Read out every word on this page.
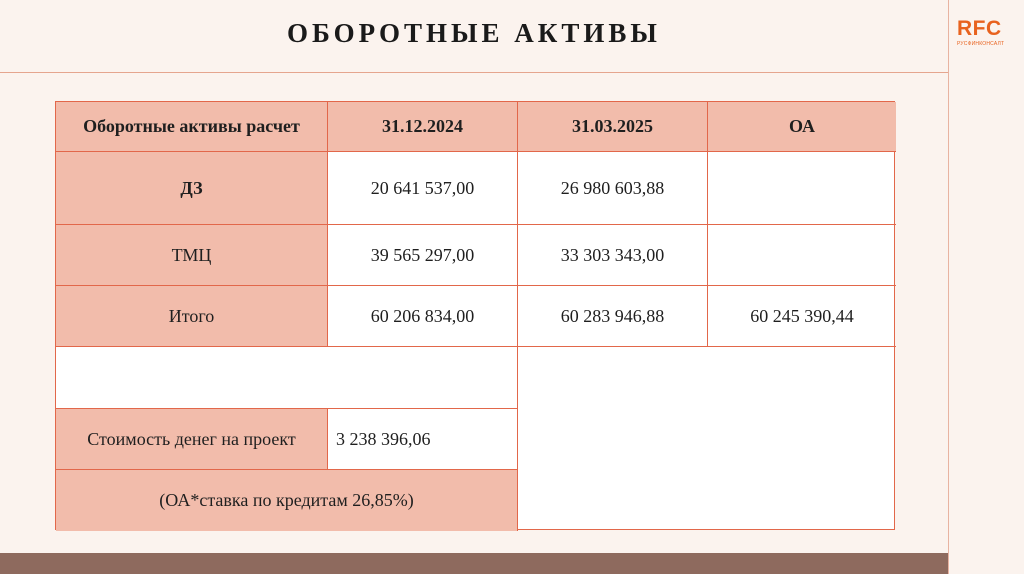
ОБОРОТНЫЕ АКТИВЫ	RFC
РУСФИНКОНСАЛТ
Оборотные активы расчет	31.12.2024	31.03.2025	ОА
ДЗ	20 641 537,00	26 980 603,88
ТМЦ	39 565 297,00	33 303 343,00
Итого	60 206 834,00	60 283 946,88	60 245 390,44
Стоимость денег на проект	3 238 396,06
(ОА*ставка по кредитам 26,85%)
